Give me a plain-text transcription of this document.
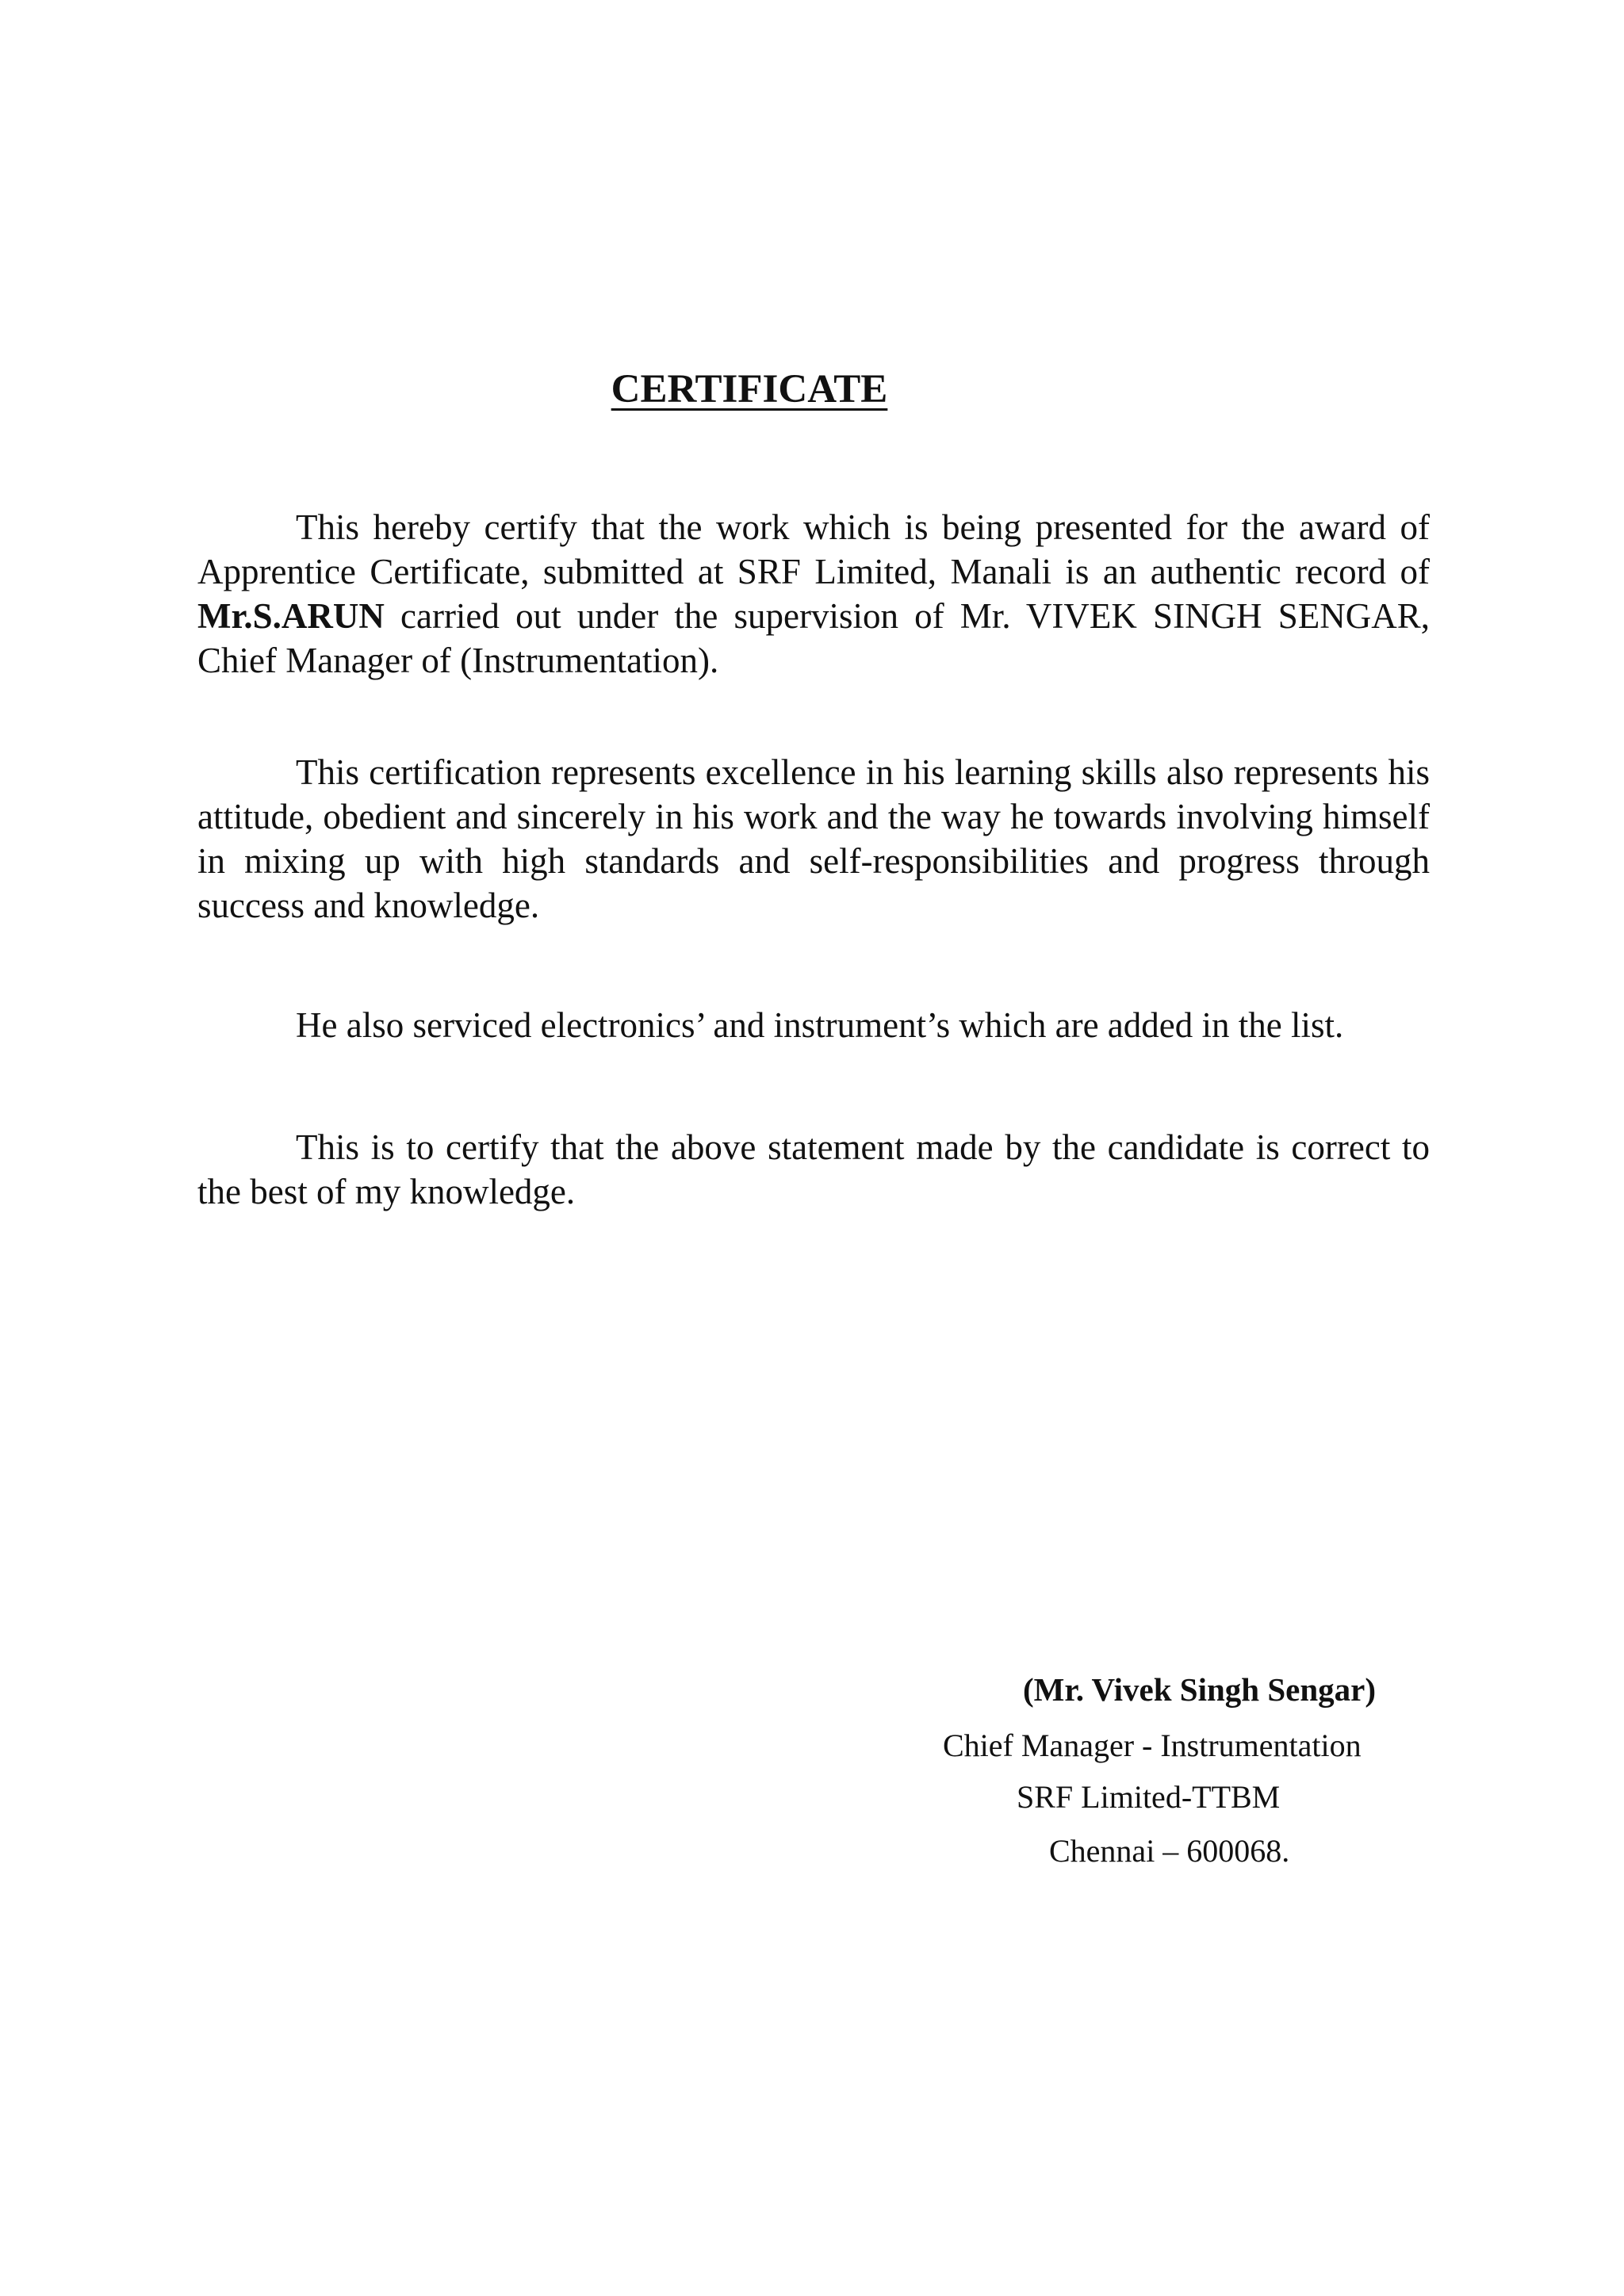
CERTIFICATE

This hereby certify that the work which is being presented for the award of Apprentice Certificate, submitted at SRF Limited, Manali is an authentic record of Mr.S.ARUN carried out under the supervision of Mr. VIVEK SINGH SENGAR, Chief Manager of (Instrumentation).

This certification represents excellence in his learning skills also represents his attitude, obedient and sincerely in his work and the way he towards involving himself in mixing up with high standards and self-responsibilities and progress through success and knowledge.

He also serviced electronics’ and instrument’s which are added in the list.

This is to certify that the above statement made by the candidate is correct to the best of my knowledge.

(Mr. Vivek Singh Sengar)

Chief Manager - Instrumentation

SRF Limited-TTBM

Chennai – 600068.
